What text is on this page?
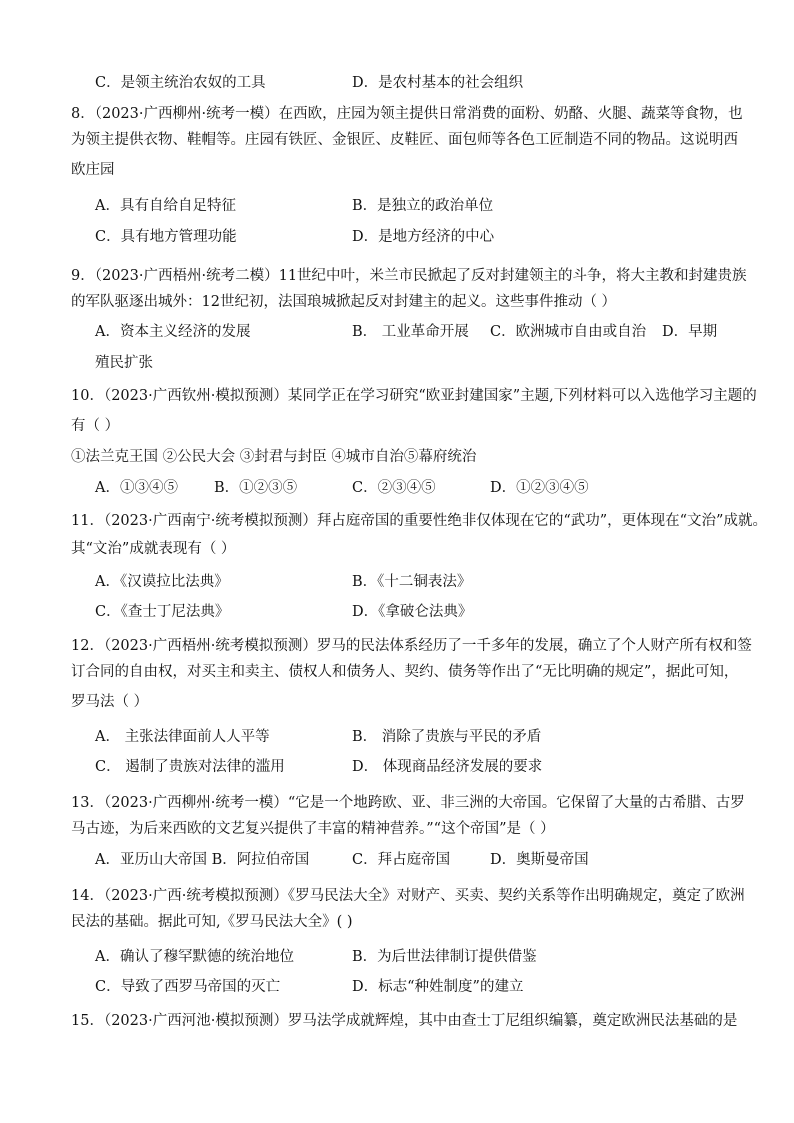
C．是领主统治农奴的工具	D．是农村基本的社会组织
8．（2023·广西柳州·统考一模）在西欧，庄园为领主提供日常消费的面粉、奶酪、火腿、蔬菜等食物，也
为领主提供衣物、鞋帽等。庄园有铁匠、金银匠、皮鞋匠、面包师等各色工匠制造不同的物品。这说明西
欧庄园
A．具有自给自足特征	B．是独立的政治单位
C．具有地方管理功能	D．是地方经济的中心
9．（2023·广西梧州·统考二模）11世纪中叶，米兰市民掀起了反对封建领主的斗争，将大主教和封建贵族
的军队驱逐出城外：12世纪初，法国琅城掀起反对封建主的起义。这些事件推动（ ）
A．资本主义经济的发展	B． 工业革命开展 C．欧洲城市自由或自治 D．早期
殖民扩张
10．（2023·广西钦州·模拟预测）某同学正在学习研究“欧亚封建国家”主题,下列材料可以入选他学习主题的
有（ ）
①法兰克王国 ②公民大会 ③封君与封臣 ④城市自治⑤幕府统治
A．①③④⑤ B．①②③⑤	C．②③④⑤	D．①②③④⑤
11．（2023·广西南宁·统考模拟预测）拜占庭帝国的重要性绝非仅体现在它的“武功”，更体现在“文治”成就。
其“文治”成就表现有（ ）
A．《汉谟拉比法典》	B．《十二铜表法》
C．《查士丁尼法典》	D．《拿破仑法典》
12．（2023·广西梧州·统考模拟预测）罗马的民法体系经历了一千多年的发展，确立了个人财产所有权和签
订合同的自由权，对买主和卖主、债权人和债务人、契约、债务等作出了“无比明确的规定”，据此可知，
罗马法（ ）
A． 主张法律面前人人平等	B． 消除了贵族与平民的矛盾
C． 遏制了贵族对法律的滥用	D． 体现商品经济发展的要求
13．（2023·广西柳州·统考一模）“它是一个地跨欧、亚、非三洲的大帝国。它保留了大量的古希腊、古罗
马古迹，为后来西欧的文艺复兴提供了丰富的精神营养。”“这个帝国”是（ ）
A．亚历山大帝国 B．阿拉伯帝国	C．拜占庭帝国	D．奥斯曼帝国
14．（2023·广西·统考模拟预测）《罗马民法大全》对财产、买卖、契约关系等作出明确规定，奠定了欧洲
民法的基础。据此可知,《罗马民法大全》( )
A．确认了穆罕默德的统治地位	B．为后世法律制订提供借鉴
C．导致了西罗马帝国的灭亡	D．标志“种姓制度”的建立
15．（2023·广西河池·模拟预测）罗马法学成就辉煌，其中由查士丁尼组织编纂，奠定欧洲民法基础的是
